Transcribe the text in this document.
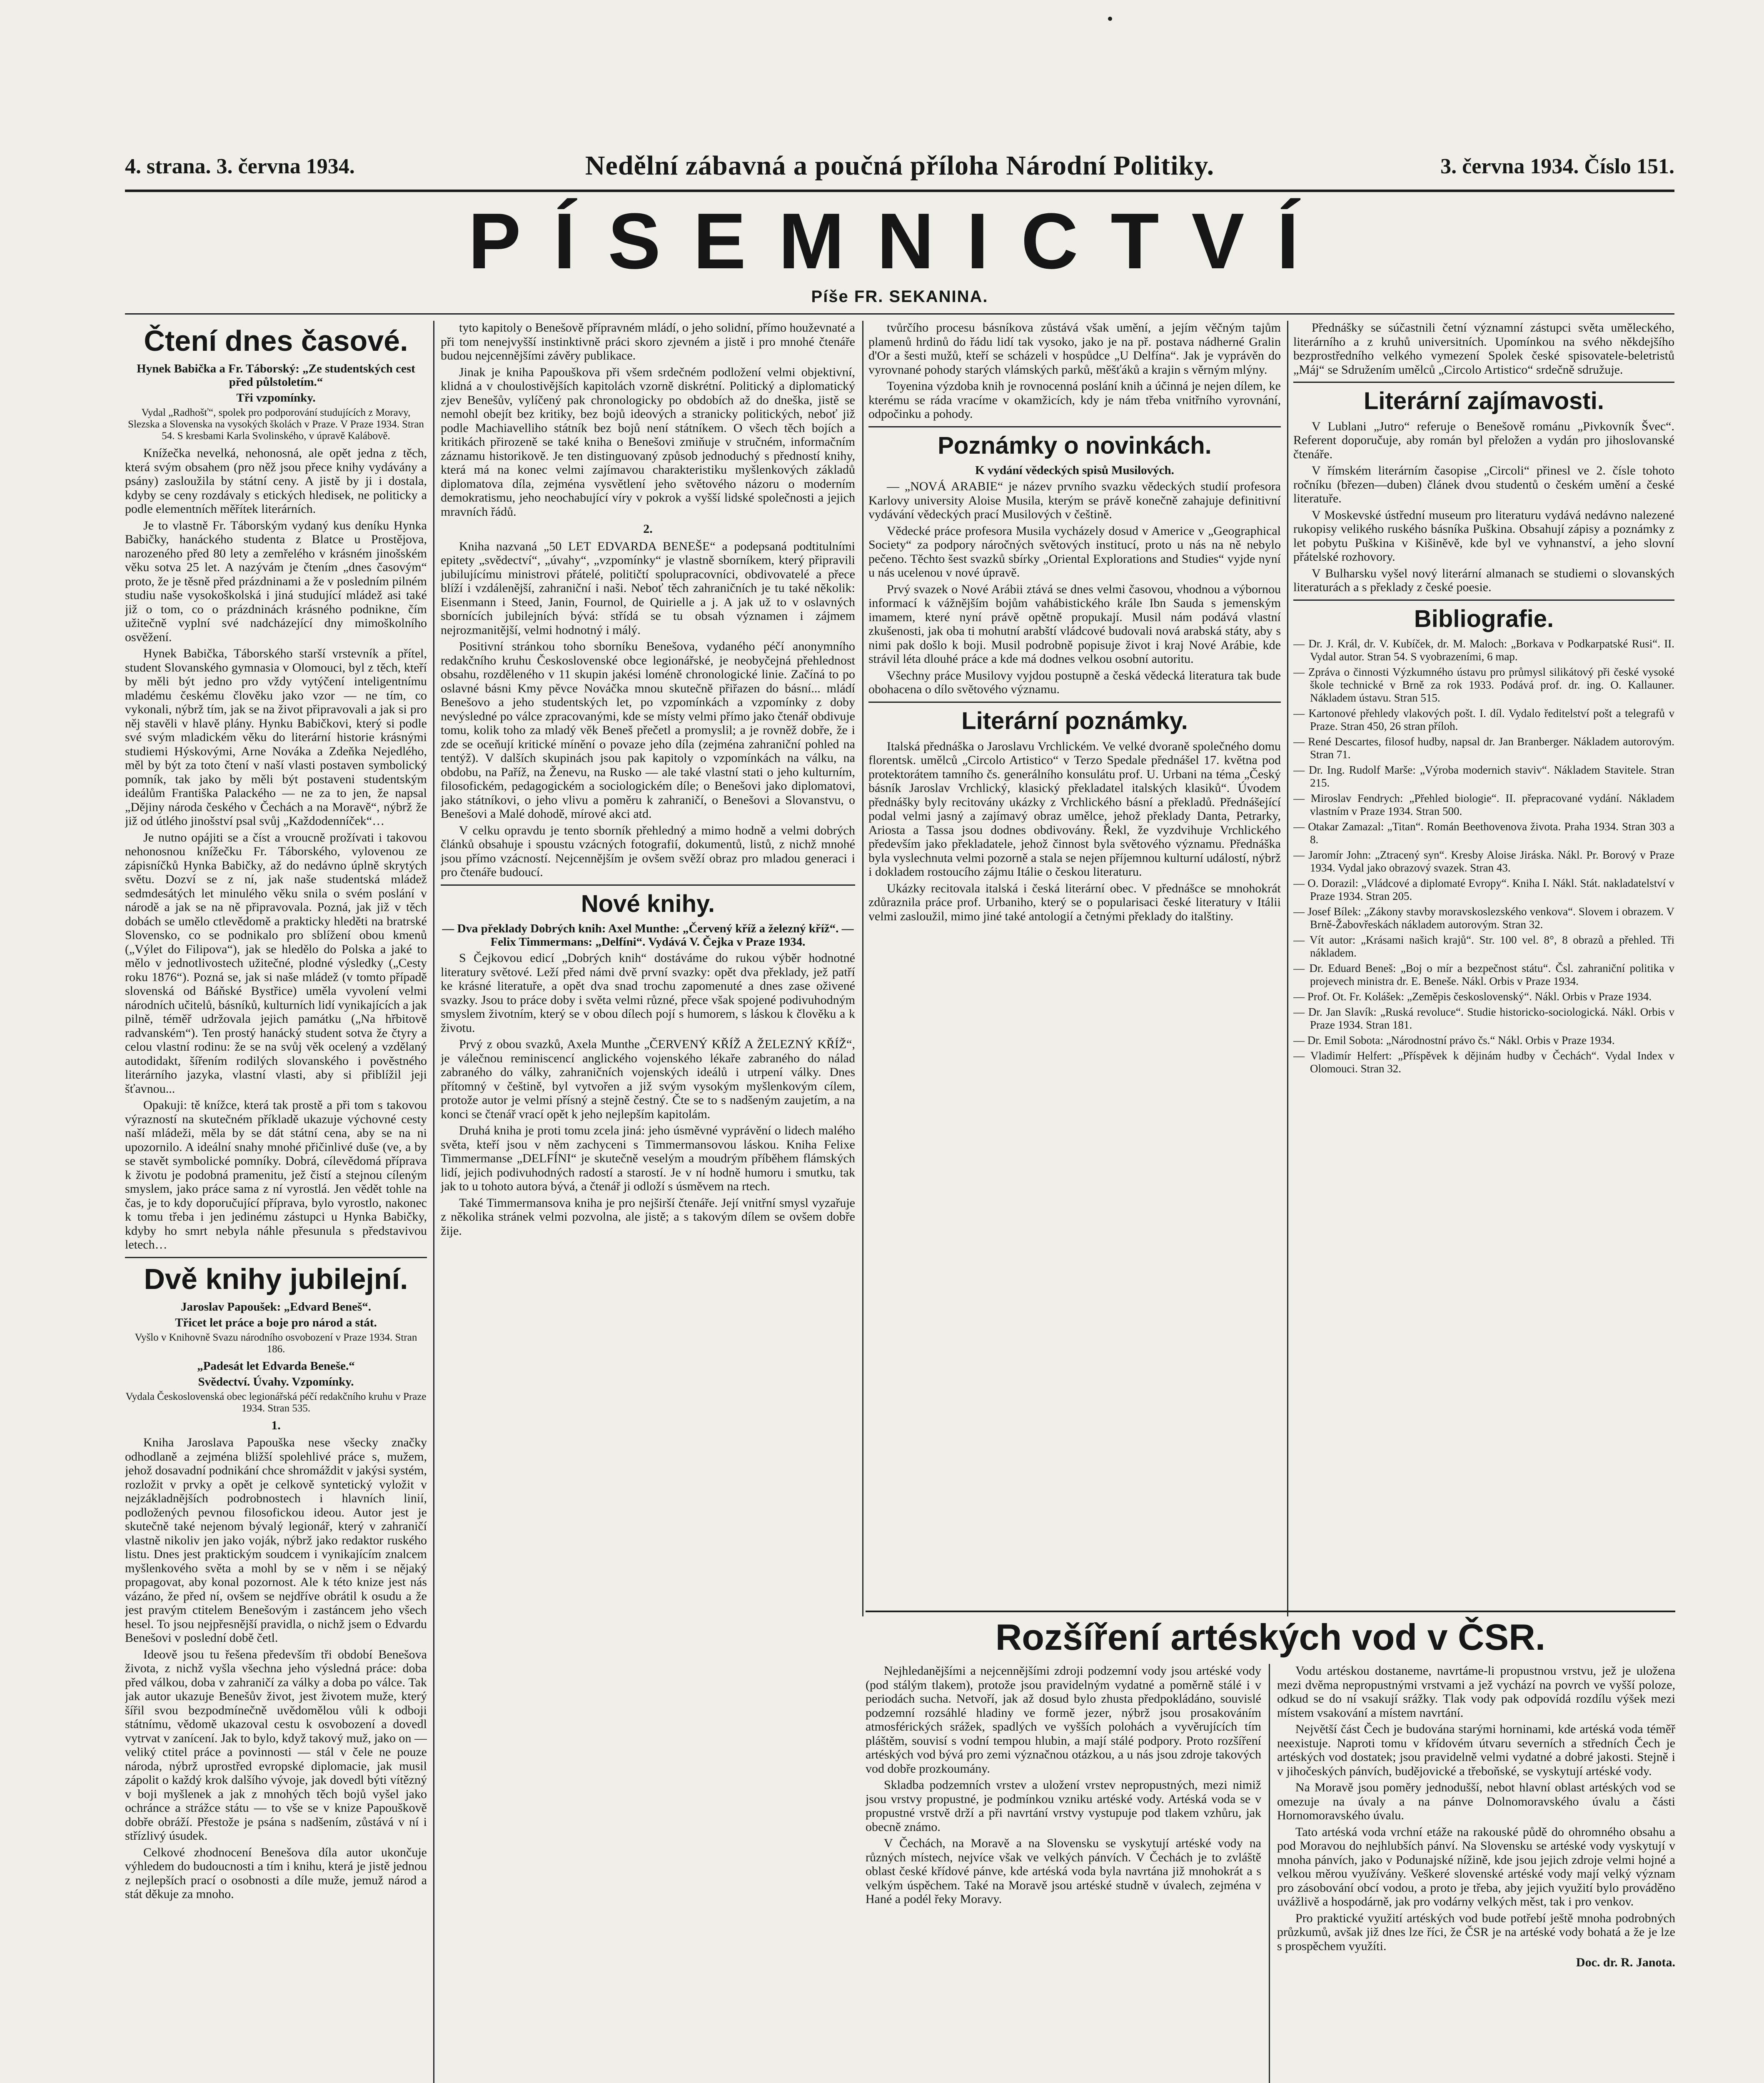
4. strana. 3. června 1934.	Nedělní zábavná a poučná příloha Národní Politiky.	3. června 1934. Číslo 151.
PÍSEMNICTVÍ
Píše FR. SEKANINA.
Čtení dnes časové.
Hynek Babička a Fr. Táborský: „Ze studentských cest před půlstoletím.“
Tři vzpomínky.
Vydal „Radhošť“, spolek pro podporování studujících z Moravy, Slezska a Slovenska na vysokých školách v Praze. V Praze 1934. Stran 54. S kresbami Karla Svolinského, v úpravě Kalábově.

Knížečka nevelká, nehonosná, ale opět jedna z těch, která svým obsahem (pro něž jsou přece knihy vydávány a psány) zasloužila by státní ceny. A jistě by ji i dostala, kdyby se ceny rozdávaly s etických hledisek, ne politicky a podle elementních měřítek literárních.

Je to vlastně Fr. Táborským vydaný kus deníku Hynka Babičky, hanáckého studenta z Blatce u Prostějova, narozeného před 80 lety a zemřelého v krásném jinošském věku sotva 25 let. A nazývám je čtením „dnes časovým“ proto, že je těsně před prázdninami a že v posledním pilném studiu naše vysokoškolská i jiná studující mládež asi také již o tom, co o prázdninách krásného podnikne, čím užitečně vyplní své nadcházející dny mimoškolního osvěžení.

Hynek Babička, Táborského starší vrstevník a přítel, student Slovanského gymnasia v Olomouci, byl z těch, kteří by měli být jedno pro vždy vytýčení inteligentnímu mladému českému člověku jako vzor — ne tím, co vykonali, nýbrž tím, jak se na život připravovali a jak si pro něj stavěli v hlavě plány. Hynku Babičkovi, který si podle své svým mladickém věku do literární historie krásnými studiemi Hýskovými, Arne Nováka a Zdeňka Nejedlého, měl by být za toto čtení v naší vlasti postaven symbolický pomník, tak jako by měli být postaveni studentským ideálům Františka Palackého — ne za to jen, že napsal „Dějiny národa českého v Čechách a na Moravě“, nýbrž že již od útlého jinošství psal svůj „Každodenníček“…

Je nutno opájiti se a číst a vroucně prožívati i takovou nehonosnou knížečku Fr. Táborského, vylovenou ze zápisníčků Hynka Babičky, až do nedávno úplně skrytých světu. Dozví se z ní, jak naše studentská mládež sedmdesátých let minulého věku snila o svém poslání v národě a jak se na ně připravovala. Pozná, jak již v těch dobách se umělo ctlevědomě a prakticky hleděti na bratrské Slovensko, co se podnikalo pro sblížení obou kmenů („Výlet do Filipova“), jak se hledělo do Polska a jaké to mělo v jednotlivostech užitečné, plodné výsledky („Cesty roku 1876“). Pozná se, jak si naše mládež (v tomto případě slovenská od Báňské Bystřice) uměla vyvolení velmi národních učitelů, básníků, kulturních lidí vynikajících a jak pilně, téměř udržovala jejich památku („Na hřbitově radvanském“). Ten prostý hanácký student sotva že čtyry a celou vlastní rodinu: že se na svůj věk ocelený a vzdělaný autodidakt, šířením rodilých slovanského i pověstného literárního jazyka, vlastní vlasti, aby si přiblížil jeji šťavnou...

Opakuji: tě knížce, která tak prostě a při tom s takovou výrazností na skutečném příkladě ukazuje výchovné cesty naší mládeži, měla by se dát státní cena, aby se na ni upozornilo. A ideální snahy mnohé přičinlivé duše (ve, a by se stavět symbolické pomníky. Dobrá, cílevědomá příprava k životu je podobná pramenitu, jež čistí a stejnou cíleným smyslem, jako práce sama z ní vyrostlá. Jen vědět tohle na čas, je to kdy doporučující příprava, bylo vyrostlo, nakonec k tomu třeba i jen jedinému zástupci u Hynka Babičky, kdyby ho smrt nebyla náhle přesunula s představivou letech…

Dvě knihy jubilejní.
Jaroslav Papoušek: „Edvard Beneš“.
Třicet let práce a boje pro národ a stát.
Vyšlo v Knihovně Svazu národního osvobození v Praze 1934. Stran 186.
„Padesát let Edvarda Beneše.“
Svědectví. Úvahy. Vzpomínky.
Vydala Československá obec legionářská péčí redakčního kruhu v Praze 1934. Stran 535.
1.

Kniha Jaroslava Papouška nese všecky značky odhodlaně a zejména bližší spolehlivé práce s, mužem, jehož dosavadní podnikání chce shromáždit v jakýsi systém, rozložit v prvky a opět je celkově syntetický vyložit v nejzákladnějších podrobnostech i hlavních linií, podložených pevnou filosofickou ideou. Autor jest je skutečně také nejenom bývalý legionář, který v zahraničí vlastně nikoliv jen jako voják, nýbrž jako redaktor ruského listu. Dnes jest praktickým soudcem i vynikajícím znalcem myšlenkového světa a mohl by se v něm i se nějaký propagovat, aby konal pozornost. Ale k této knize jest nás vázáno, že před ní, ovšem se nejdříve obrátil k osudu a že jest pravým ctitelem Benešovým i zastáncem jeho všech hesel. To jsou nejpřesnější pravidla, o nichž jsem o Edvardu Benešovi v poslední době četl.

Ideově jsou tu řešena především tři období Benešova života, z nichž vyšla všechna jeho výsledná práce: doba před válkou, doba v zahraničí za války a doba po válce. Tak jak autor ukazuje Benešův život, jest životem muže, který šířil svou bezpodmínečně uvědomělou vůli k odboji státnímu, vědomě ukazoval cestu k osvobození a dovedl vytrvat v zanícení. Jak to bylo, když takový muž, jako on — veliký ctitel práce a povinnosti — stál v čele ne pouze národa, nýbrž uprostřed evropské diplomacie, jak musil zápolit o každý krok dalšího vývoje, jak dovedl býti vítězný v boji myšlenek a jak z mnohých těch bojů vyšel jako ochránce a strážce státu — to vše se v knize Papouškově dobře obráží. Přestože je psána s nadšením, zůstává v ní i střízlivý úsudek.

Celkové zhodnocení Benešova díla autor ukončuje výhledem do budoucnosti a tím i knihu, která je jistě jednou z nejlepších prací o osobnosti a díle muže, jemuž národ a stát děkuje za mnoho.

tyto kapitoly o Benešově přípravném mládí, o jeho solidní, přímo houževnaté a při tom nenejvyšší instinktivně práci skoro zjevném a jistě i pro mnohé čtenáře budou nejcennějšími závěry publikace.

Jinak je kniha Papouškova při všem srdečném podložení velmi objektivní, klidná a v choulostivějších kapitolách vzorně diskrétní. Politický a diplomatický zjev Benešův, vylíčený pak chronologicky po obdobích až do dneška, jistě se nemohl obejít bez kritiky, bez bojů ideových a stranicky politických, neboť již podle Machiavelliho státník bez bojů není státníkem. O všech těch bojích a kritikách přirozeně se také kniha o Benešovi zmiňuje v stručném, informačním záznamu historikově. Je ten distinguovaný způsob jednoduchý s předností knihy, která má na konec velmi zajímavou charakteristiku myšlenkových základů diplomatova díla, zejména vysvětlení jeho světového názoru o moderním demokratismu, jeho neochabující víry v pokrok a vyšší lidské společnosti a jejich mravních řádů.

2.

Kniha nazvaná „50 LET EDVARDA BENEŠE“ a podepsaná podtitulními epitety „svědectví“, „úvahy“, „vzpomínky“ je vlastně sborníkem, který připravili jubilujícímu ministrovi přátelé, političtí spolupracovníci, obdivovatelé a přece blíží i vzdálenější, zahraniční i naši. Neboť těch zahraničních je tu také několik: Eisenmann i Steed, Janin, Fournol, de Quirielle a j. A jak už to v oslavných sbornících jubilejních bývá: střídá se tu obsah významen i zájmem nejrozmanitější, velmi hodnotný i málý.

Positivní stránkou toho sborníku Benešova, vydaného péčí anonymního redakčního kruhu Československé obce legionářské, je neobyčejná přehlednost obsahu, rozděleného v 11 skupin jakési loméně chronologické linie. Začíná to po oslavné básni Kmy pěvce Nováčka mnou skutečně přiřazen do básní... mládí Benešovo a jeho studentských let, po vzpomínkách a vzpomínky z doby nevýsledné po válce zpracovanými, kde se místy velmi přímo jako čtenář obdivuje tomu, kolik toho za mladý věk Beneš přečetl a promyslil; a je rovněž dobře, že i zde se oceňují kritické mínění o povaze jeho díla (zejména zahraniční pohled na tentýž). V dalších skupinách jsou pak kapitoly o vzpomínkách na válku, na obdobu, na Paříž, na Ženevu, na Rusko — ale také vlastní stati o jeho kulturním, filosofickém, pedagogickém a sociologickém díle; o Benešovi jako diplomatovi, jako státníkovi, o jeho vlivu a poměru k zahraničí, o Benešovi a Slovanstvu, o Benešovi a Malé dohodě, mírové akci atd.

V celku opravdu je tento sborník přehledný a mimo hodně a velmi dobrých článků obsahuje i spoustu vzácných fotografií, dokumentů, listů, z nichž mnohé jsou přímo vzácností. Nejcennějším je ovšem svěží obraz pro mladou generaci i pro čtenáře budoucí.

Nové knihy.
— Dva překlady Dobrých knih: Axel Munthe: „Červený kříž a železný kříž“. — Felix Timmermans: „Delfíni“. Vydává V. Čejka v Praze 1934.

S Čejkovou edicí „Dobrých knih“ dostáváme do rukou výběr hodnotné literatury světové. Leží před námi dvě první svazky: opět dva překlady, jež patří ke krásné literatuře, a opět dva snad trochu zapomenuté a dnes zase oživené svazky. Jsou to práce doby i světa velmi různé, přece však spojené podivuhodným smyslem životním, který se v obou dílech pojí s humorem, s láskou k člověku a k životu.

Prvý z obou svazků, Axela Munthe „ČERVENÝ KŘÍŽ A ŽELEZNÝ KŘÍŽ“, je válečnou reminiscencí anglického vojenského lékaře zabraného do nálad zabraného do války, zahraničních vojenských ideálů i utrpení války. Dnes přítomný v češtině, byl vytvořen a již svým vysokým myšlenkovým cílem, protože autor je velmi přísný a stejně čestný. Čte se to s nadšeným zaujetím, a na konci se čtenář vrací opět k jeho nejlepším kapitolám.

Druhá kniha je proti tomu zcela jiná: jeho úsměvné vyprávění o lidech malého světa, kteří jsou v něm zachyceni s Timmermansovou láskou. Kniha Felixe Timmermanse „DELFÍNI“ je skutečně veselým a moudrým příběhem flámských lidí, jejich podivuhodných radostí a starostí. Je v ní hodně humoru i smutku, tak jak to u tohoto autora bývá, a čtenář ji odloží s úsměvem na rtech.

Také Timmermansova kniha je pro nejširší čtenáře. Její vnitřní smysl vyzařuje z několika stránek velmi pozvolna, ale jistě; a s takovým dílem se ovšem dobře žije.

tvůrčího procesu básníkova zůstává však umění, a jejím věčným tajům plamenů hrdinů do řádu lidí tak vysoko, jako je na př. postava nádherné Gralin d'Or a šesti mužů, kteří se scházeli v hospůdce „U Delfína“. Jak je vyprávěn do vyrovnané pohody starých vlámských parků, měšťáků a krajin s věrným mlýny.

Toyenina výzdoba knih je rovnocenná poslání knih a účinná je nejen dílem, ke kterému se ráda vracíme v okamžicích, kdy je nám třeba vnitřního vyrovnání, odpočinku a pohody.

Poznámky o novinkách.
K vydání vědeckých spisů Musilových.

— „NOVÁ ARABIE“ je název prvního svazku vědeckých studií profesora Karlovy university Aloise Musila, kterým se právě konečně zahajuje definitivní vydávání vědeckých prací Musilových v češtině.

Vědecké práce profesora Musila vycházely dosud v Americe v „Geographical Society“ za podpory náročných světových institucí, proto u nás na ně nebylo pečeno. Těchto šest svazků sbírky „Oriental Explorations and Studies“ vyjde nyní u nás ucelenou v nové úpravě.

Prvý svazek o Nové Arábii ztává se dnes velmi časovou, vhodnou a výbornou informací k vážnějším bojům vahábistického krále Ibn Sauda s jemenským imamem, které nyní právě opětně propukají. Musil nám podává vlastní zkušenosti, jak oba ti mohutní arabští vládcové budovali nová arabská státy, aby s nimi pak došlo k boji. Musil podrobně popisuje život i kraj Nové Arábie, kde strávil léta dlouhé práce a kde má dodnes velkou osobní autoritu.

Všechny práce Musilovy vyjdou postupně a česká vědecká literatura tak bude obohacena o dílo světového významu.

Literární poznámky.

Italská přednáška o Jaroslavu Vrchlickém. Ve velké dvoraně společného domu florentsk. umělců „Circolo Artistico“ v Terzo Spedale přednášel 17. května pod protektorátem tamního čs. generálního konsulátu prof. U. Urbani na téma „Český básník Jaroslav Vrchlický, klasický překladatel italských klasiků“. Úvodem přednášky byly recitovány ukázky z Vrchlického básní a překladů. Přednášející podal velmi jasný a zajímavý obraz umělce, jehož překlady Danta, Petrarky, Ariosta a Tassa jsou dodnes obdivovány. Řekl, že vyzdvihuje Vrchlického především jako překladatele, jehož činnost byla světového významu. Přednáška byla vyslechnuta velmi pozorně a stala se nejen příjemnou kulturní událostí, nýbrž i dokladem rostoucího zájmu Itálie o českou literaturu.

Ukázky recitovala italská i česká literární obec. V přednášce se mnohokrát zdůraznila práce prof. Urbaniho, který se o popularisaci české literatury v Itálii velmi zasloužil, mimo jiné také antologií a četnými překlady do italštiny.

Přednášky se súčastnili četní významní zástupci světa uměleckého, literárního a z kruhů universitních. Upomínkou na svého někdejšího bezprostředního velkého vymezení Spolek české spisovatele-beletristů „Máj“ se Sdružením umělců „Circolo Artistico“ srdečně sdružuje.

Literární zajímavosti.

V Lublani „Jutro“ referuje o Benešově románu „Pivkovník Švec“. Referent doporučuje, aby román byl přeložen a vydán pro jihoslovanské čtenáře.

V římském literárním časopise „Circoli“ přinesl ve 2. čísle tohoto ročníku (březen—duben) článek dvou studentů o českém umění a české literatuře.

V Moskevské ústřední museum pro literaturu vydává nedávno nalezené rukopisy velikého ruského básníka Puškina. Obsahují zápisy a poznámky z let pobytu Puškina v Kišiněvě, kde byl ve vyhnanství, a jeho slovní přátelské rozhovory.

V Bulharsku vyšel nový literární almanach se studiemi o slovanských literaturách a s překlady z české poesie.

Bibliografie.

— Dr. J. Král, dr. V. Kubíček, dr. M. Maloch: „Borkava v Podkarpatské Rusi“. II. Vydal autor. Stran 54. S vyobrazeními, 6 map.

— Zpráva o činnosti Výzkumného ústavu pro průmysl silikátový při české vysoké škole technické v Brně za rok 1933. Podává prof. dr. ing. O. Kallauner. Nákladem ústavu. Stran 515.

— Kartonové přehledy vlakových pošt. I. díl. Vydalo ředitelství pošt a telegrafů v Praze. Stran 450, 26 stran příloh.

— René Descartes, filosof hudby, napsal dr. Jan Branberger. Nákladem autorovým. Stran 71.

— Dr. Ing. Rudolf Marše: „Výroba modernich staviv“. Nákladem Stavitele. Stran 215.

— Miroslav Fendrych: „Přehled biologie“. II. přepracované vydání. Nákladem vlastním v Praze 1934. Stran 500.

— Otakar Zamazal: „Titan“. Román Beethovenova života. Praha 1934. Stran 303 a 8.

— Jaromír John: „Ztracený syn“. Kresby Aloise Jiráska. Nákl. Pr. Borový v Praze 1934. Vydal jako obrazový svazek. Stran 43.

— O. Dorazil: „Vládcové a diplomaté Evropy“. Kniha I. Nákl. Stát. nakladatelství v Praze 1934. Stran 205.

— Josef Bílek: „Zákony stavby moravskoslezského venkova“. Slovem i obrazem. V Brně-Žabovřeskách nákladem autorovým. Stran 32.

— Vít autor: „Krásami našich krajů“. Str. 100 vel. 8°, 8 obrazů a přehled. Tři nákladem.

— Dr. Eduard Beneš: „Boj o mír a bezpečnost státu“. Čsl. zahraniční politika v projevech ministra dr. E. Beneše. Nákl. Orbis v Praze 1934.

— Prof. Ot. Fr. Kolášek: „Zeměpis československý“. Nákl. Orbis v Praze 1934.

— Dr. Jan Slavík: „Ruská revoluce“. Studie historicko-sociologická. Nákl. Orbis v Praze 1934. Stran 181.

— Dr. Emil Sobota: „Národnostní právo čs.“ Nákl. Orbis v Praze 1934.

— Vladimír Helfert: „Příspěvek k dějinám hudby v Čechách“. Vydal Index v Olomouci. Stran 32.

Rozšíření artéských vod v ČSR.

Nejhledanějšími a nejcennějšími zdroji podzemní vody jsou artéské vody (pod stálým tlakem), protože jsou pravidelným vydatné a poměrně stálé i v periodách sucha. Netvoří, jak až dosud bylo zhusta předpokládáno, souvislé podzemní rozsáhlé hladiny ve formě jezer, nýbrž jsou prosakováním atmosférických srážek, spadlých ve vyšších polohách a vyvěrujících tím pláštěm, souvisí s vodní tempou hlubin, a mají stálé podpory. Proto rozšíření artéských vod bývá pro zemi význačnou otázkou, a u nás jsou zdroje takových vod dobře prozkoumány.

Skladba podzemních vrstev a uložení vrstev nepropustných, mezi nimiž jsou vrstvy propustné, je podmínkou vzniku artéské vody. Artéská voda se v propustné vrstvě drží a při navrtání vrstvy vystupuje pod tlakem vzhůru, jak obecně známo.

V Čechách, na Moravě a na Slovensku se vyskytují artéské vody na různých místech, nejvíce však ve velkých pánvích. V Čechách je to zvláště oblast české křídové pánve, kde artéská voda byla navrtána již mnohokrát a s velkým úspěchem. Také na Moravě jsou artéské studně v úvalech, zejména v Hané a podél řeky Moravy.

Vodu artéskou dostaneme, navrtáme-li propustnou vrstvu, jež je uložena mezi dvěma nepropustnými vrstvami a jež vychází na povrch ve vyšší poloze, odkud se do ní vsakují srážky. Tlak vody pak odpovídá rozdílu výšek mezi místem vsakování a místem navrtání.

Největší část Čech je budována starými horninami, kde artéská voda téměř neexistuje. Naproti tomu v křídovém útvaru severních a středních Čech je artéských vod dostatek; jsou pravidelně velmi vydatné a dobré jakosti. Stejně i v jihočeských pánvích, budějovické a třeboňské, se vyskytují artéské vody.

Na Moravě jsou poměry jednodušší, nebot hlavní oblast artéských vod se omezuje na úvaly a na pánve Dolnomoravského úvalu a části Hornomoravského úvalu.

Tato artéská voda vrchní etáže na rakouské půdě do ohromného obsahu a pod Moravou do nejhlubších pánví. Na Slovensku se artéské vody vyskytují v mnoha pánvích, jako v Podunajské nížině, kde jsou jejich zdroje velmi hojné a velkou měrou využívány. Veškeré slovenské artéské vody mají velký význam pro zásobování obcí vodou, a proto je třeba, aby jejich využití bylo prováděno uvážlivě a hospodárně, jak pro vodárny velkých měst, tak i pro venkov.

Pro praktické využití artéských vod bude potřebí ještě mnoha podrobných průzkumů, avšak již dnes lze říci, že ČSR je na artéské vody bohatá a že je lze s prospěchem využíti.

Doc. dr. R. Janota.
